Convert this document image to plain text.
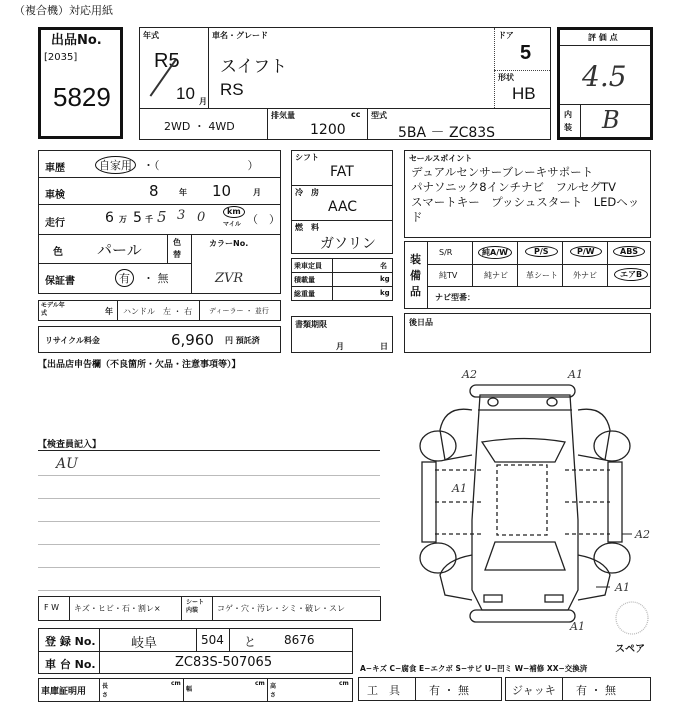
（複合機）対応用紙
出品No.
[2035]
5829
年式
R5
10 月
車名・グレード
スイフト
RS
ドア
5
形状
HB
2WD ・ 4WD
排気量	cc
1200
型式
5BA － ZC83S
評 価 点
4.5
内装 B
車歴	自家用	・（　　　　　　　　）
車検	8	年 10	月
走行	6 万 5 千 5 3 0	km
マイル （　）
色 パール	色替
カラーNo.
ZVR
保証書	有	・ 無
モデル年式	年 ハンドル　左 ・ 右 ディーラー ・ 並行
リサイクル料金	6,960 円 預託済
【出品店申告欄（不良箇所・欠品・注意事項等）】
シフト
FAT
冷　房
AAC
燃　料
ガソリン
乗車定員	名
積載量	kg
総重量	kg
書類期限
月	日
セールスポイント
デュアルセンサーブレーキサポート
パナソニック8インチナビ　フルセグTV
スマートキー　プッシュスタート　LEDヘッド
装備品
S/R	純A/W	P/S	P/W	ABS
純TV	純ナビ 革シート 外ナビ	エアB
ナビ型番：
後日品
【検査員記入】
AU
F W キズ・ヒビ・石・割レ×
シート内装	コゲ・穴・汚レ・シミ・破レ・スレ
登 録 No.	岐阜	504 と 8676
車 台 No.	ZC83S-507065
車庫証明用
長さ
cm
幅
cm 高さ
cm
A−キズ C−腐食 E−エクボ S−サビ U−凹ミ W−補修 XX−交換済
工　具	有 ・ 無	ジャッキ 有 ・ 無
A2	A1
A1
A2
A1
A1
スペア
